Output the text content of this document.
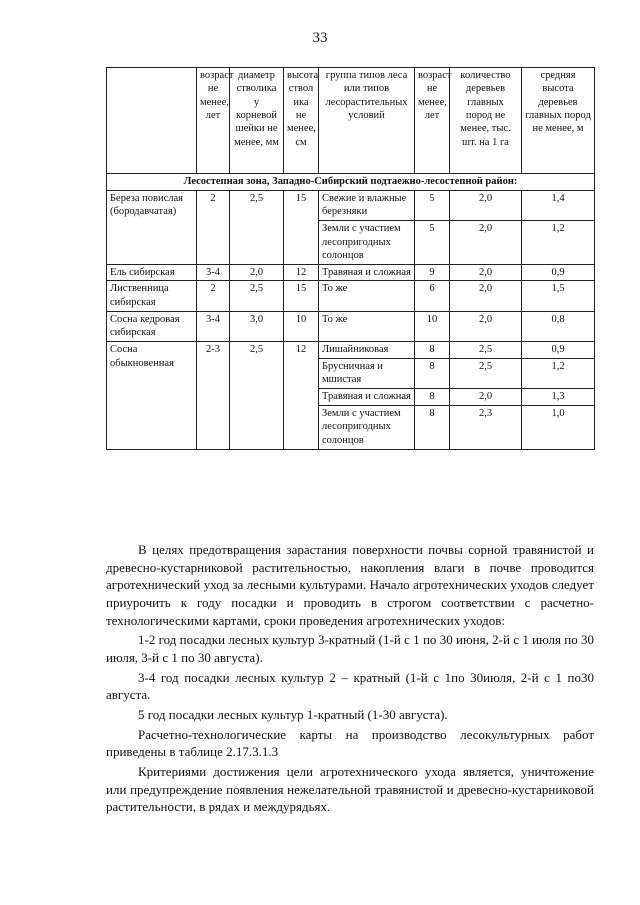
33
	возраст не менее, лет	диаметр стволика у корневой шейки не менее, мм	высота ствол ика не менее, см	группа типов леса или типов лесорастительных условий	возраст не менее, лет	количество деревьев главных пород не менее, тыс. шт. на 1 га	средняя высота деревьев главных пород не менее, м
Лесостепная зона, Западно-Сибирский подтаежно-лесостепной район:							
Береза повислая (бородавчатая)	2	2,5	15	Свежие и влажные березняки	5	2,0	1,4
				Земли с участием лесопригодных солонцов	5	2,0	1,2
Ель сибирская	3-4	2,0	12	Травяная и сложная	9	2,0	0,9
Лиственница сибирская	2	2,5	15	То же	6	2,0	1,5
Сосна кедровая сибирская	3-4	3,0	10	То же	10	2,0	0,8
Сосна обыкновенная	2-3	2,5	12	Лишайниковая	8	2,5	0,9
				Брусничная и мшистая	8	2,5	1,2
				Травяная и сложная	8	2,0	1,3
				Земли с участием лесопригодных солонцов	8	2,3	1,0

В целях предотвращения зарастания поверхности почвы сорной травянистой и древесно-кустарниковой растительностью, накопления влаги в почве проводится агротехнический уход за лесными культурами. Начало агротехнических уходов следует приурочить к году посадки и проводить в строгом соответствии с расчетно-технологическими картами, сроки проведения агротехнических уходов:

1-2 год посадки лесных культур 3-кратный (1-й с 1 по 30 июня, 2-й с 1 июля по 30 июля, 3-й с 1 по 30 августа).

3-4 год посадки лесных культур 2 – кратный (1-й с 1по 30июля, 2-й с 1 по30 августа.

5 год посадки лесных культур 1-кратный (1-30 августа).

Расчетно-технологические карты на производство лесокультурных работ приведены в таблице 2.17.3.1.3

Критериями достижения цели агротехнического ухода является, уничтожение или предупреждение появления нежелательной травянистой и древесно-кустарниковой растительности, в рядах и междурядьях.
